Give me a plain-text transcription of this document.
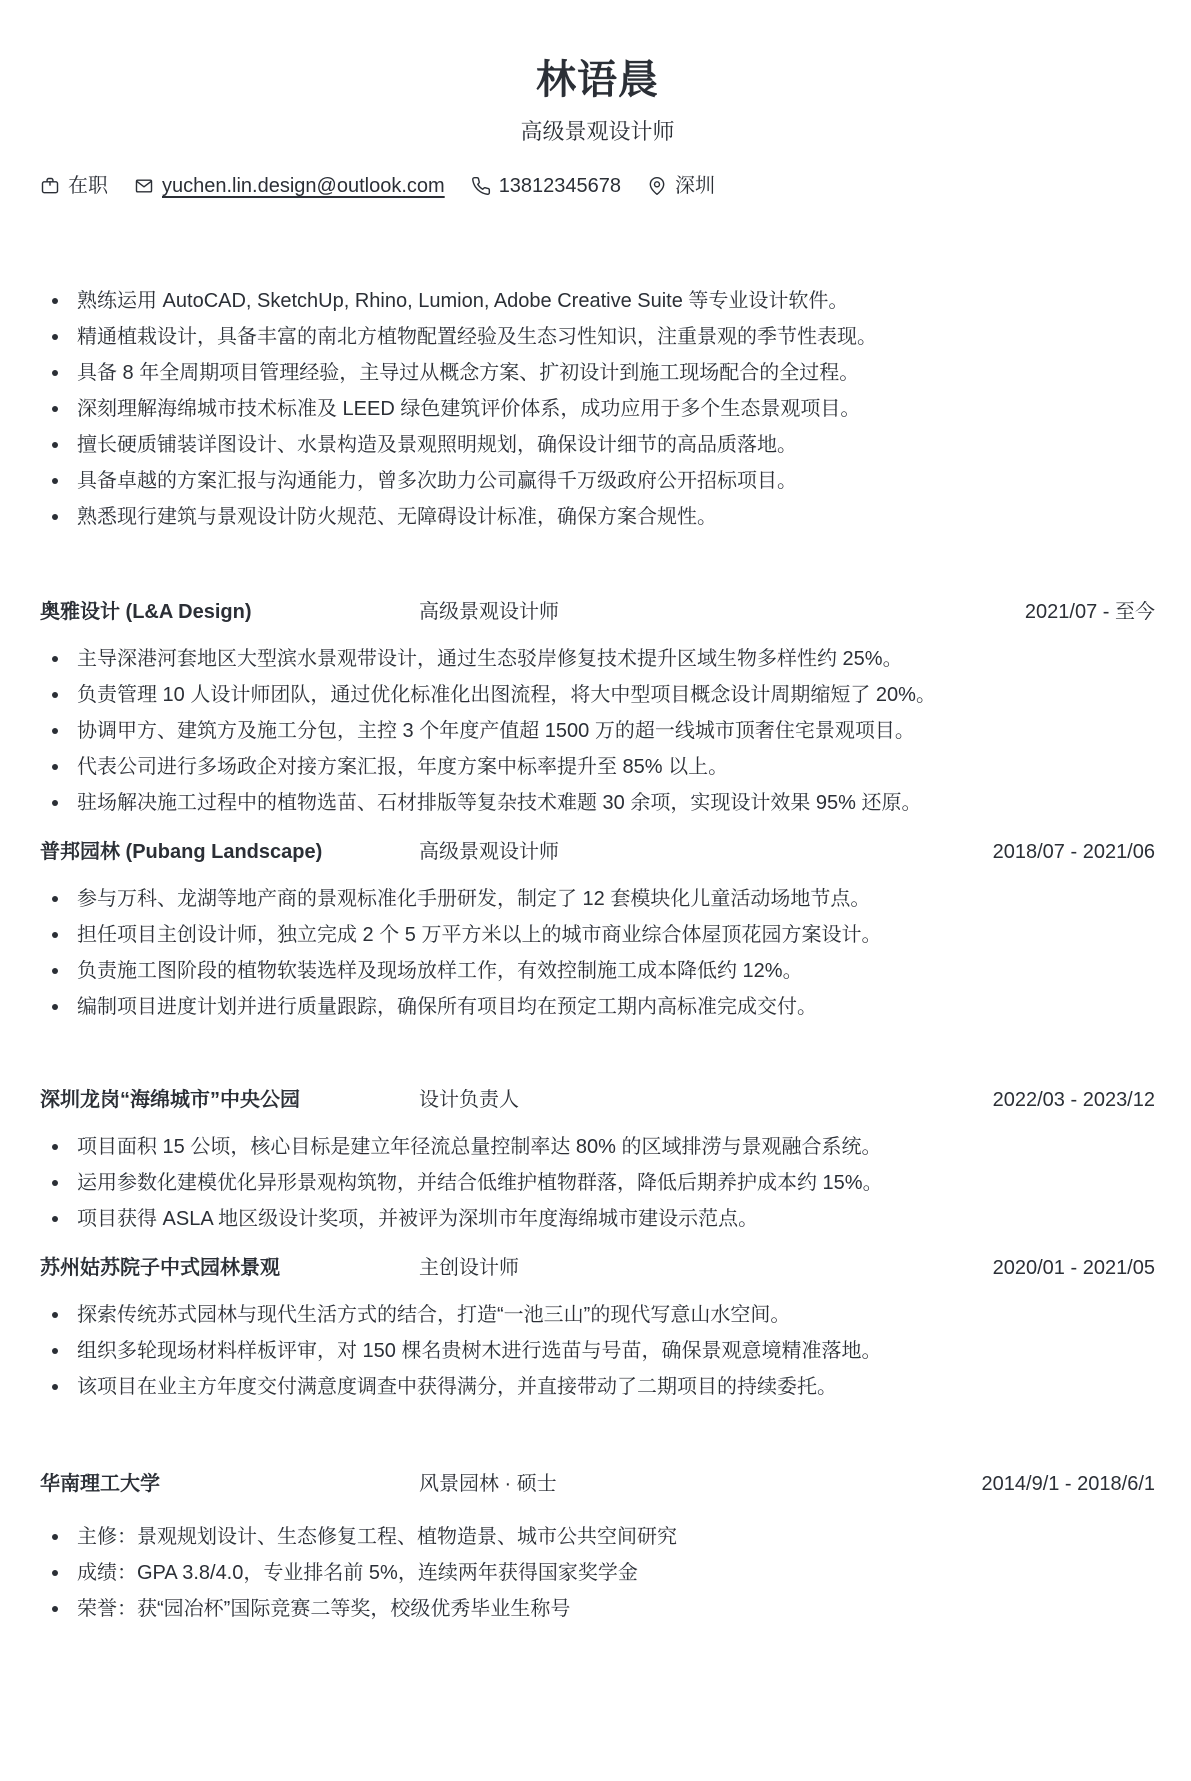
林语晨
高级景观设计师
在职	yuchen.lin.design@outlook.com	13812345678	深圳
熟练运用 AutoCAD, SketchUp, Rhino, Lumion, Adobe Creative Suite 等专业设计软件。
精通植栽设计，具备丰富的南北方植物配置经验及生态习性知识，注重景观的季节性表现。
具备 8 年全周期项目管理经验，主导过从概念方案、扩初设计到施工现场配合的全过程。
深刻理解海绵城市技术标准及 LEED 绿色建筑评价体系，成功应用于多个生态景观项目。
擅长硬质铺装详图设计、水景构造及景观照明规划，确保设计细节的高品质落地。
具备卓越的方案汇报与沟通能力，曾多次助力公司赢得千万级政府公开招标项目。
熟悉现行建筑与景观设计防火规范、无障碍设计标准，确保方案合规性。
奥雅设计 (L&A Design)	高级景观设计师	2021/07 - 至今
主导深港河套地区大型滨水景观带设计，通过生态驳岸修复技术提升区域生物多样性约 25%。
负责管理 10 人设计师团队，通过优化标准化出图流程，将大中型项目概念设计周期缩短了 20%。
协调甲方、建筑方及施工分包，主控 3 个年度产值超 1500 万的超一线城市顶奢住宅景观项目。
代表公司进行多场政企对接方案汇报，年度方案中标率提升至 85% 以上。
驻场解决施工过程中的植物选苗、石材排版等复杂技术难题 30 余项，实现设计效果 95% 还原。
普邦园林 (Pubang Landscape)	高级景观设计师	2018/07 - 2021/06
参与万科、龙湖等地产商的景观标准化手册研发，制定了 12 套模块化儿童活动场地节点。
担任项目主创设计师，独立完成 2 个 5 万平方米以上的城市商业综合体屋顶花园方案设计。
负责施工图阶段的植物软装选样及现场放样工作，有效控制施工成本降低约 12%。
编制项目进度计划并进行质量跟踪，确保所有项目均在预定工期内高标准完成交付。
深圳龙岗“海绵城市”中央公园	设计负责人	2022/03 - 2023/12
项目面积 15 公顷，核心目标是建立年径流总量控制率达 80% 的区域排涝与景观融合系统。
运用参数化建模优化异形景观构筑物，并结合低维护植物群落，降低后期养护成本约 15%。
项目获得 ASLA 地区级设计奖项，并被评为深圳市年度海绵城市建设示范点。
苏州姑苏院子中式园林景观	主创设计师	2020/01 - 2021/05
探索传统苏式园林与现代生活方式的结合，打造“一池三山”的现代写意山水空间。
组织多轮现场材料样板评审，对 150 棵名贵树木进行选苗与号苗，确保景观意境精准落地。
该项目在业主方年度交付满意度调查中获得满分，并直接带动了二期项目的持续委托。
华南理工大学	风景园林 · 硕士	2014/9/1 - 2018/6/1
主修：景观规划设计、生态修复工程、植物造景、城市公共空间研究
成绩：GPA 3.8/4.0，专业排名前 5%，连续两年获得国家奖学金
荣誉：获“园冶杯”国际竞赛二等奖，校级优秀毕业生称号
